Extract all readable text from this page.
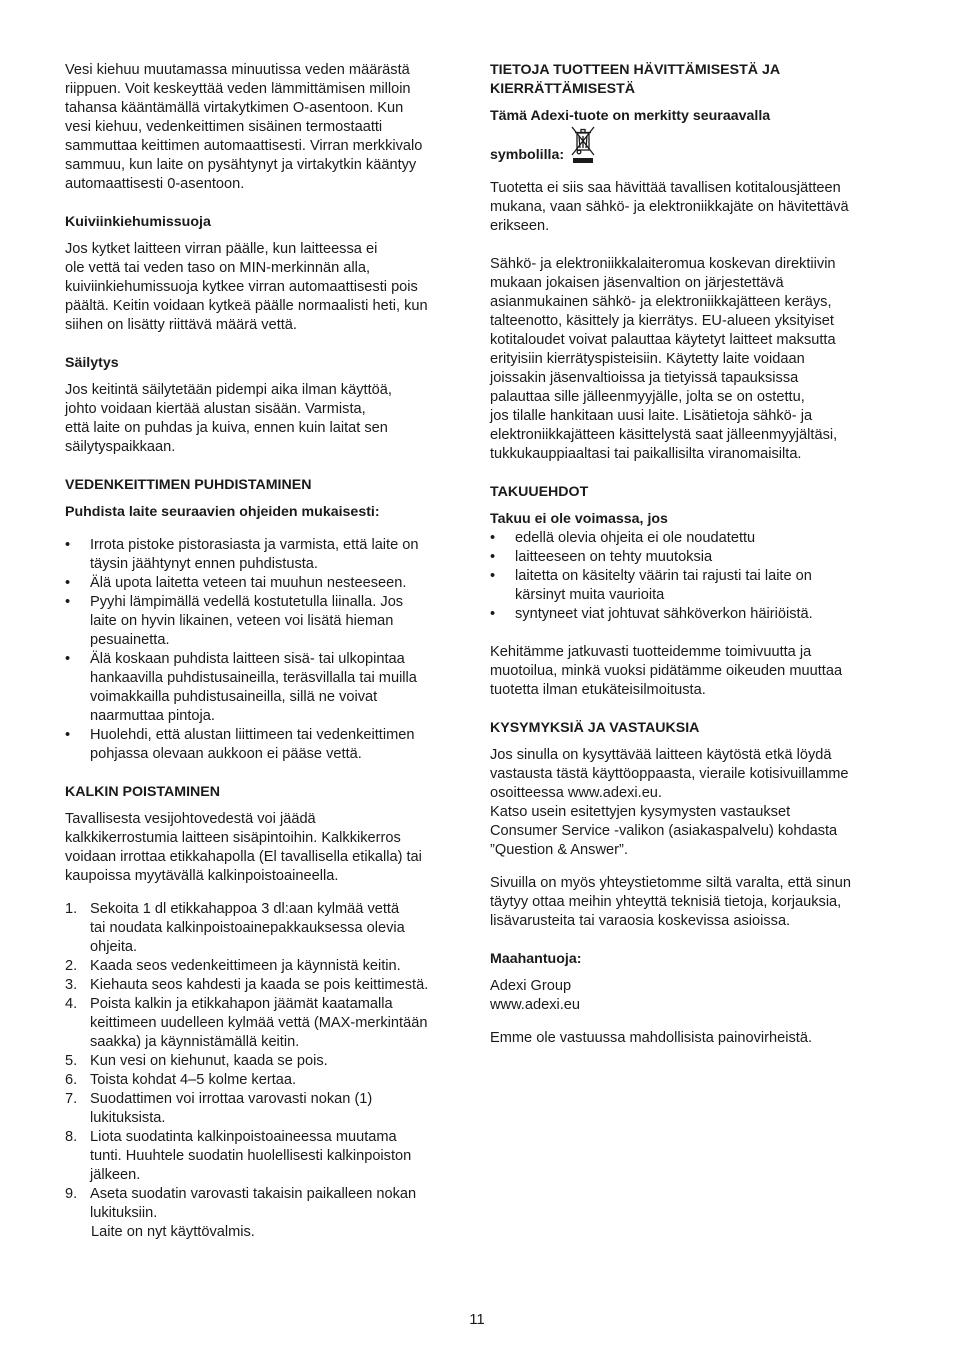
Vesi kiehuu muutamassa minuutissa veden määrästä
riippuen. Voit keskeyttää veden lämmittämisen milloin
tahansa kääntämällä virtakytkimen O-asentoon. Kun
vesi kiehuu, vedenkeittimen sisäinen termostaatti
sammuttaa keittimen automaattisesti. Virran merkkivalo
sammuu, kun laite on pysähtynyt ja virtakytkin kääntyy
automaattisesti 0-asentoon.

Kuiviinkiehumissuoja

Jos kytket laitteen virran päälle, kun laitteessa ei
ole vettä tai veden taso on MIN-merkinnän alla,
kuiviinkiehumissuoja kytkee virran automaattisesti pois
päältä. Keitin voidaan kytkeä päälle normaalisti heti, kun
siihen on lisätty riittävä määrä vettä.

Säilytys

Jos keitintä säilytetään pidempi aika ilman käyttöä,
johto voidaan kiertää alustan sisään. Varmista,
että laite on puhdas ja kuiva, ennen kuin laitat sen
säilytyspaikkaan.

VEDENKEITTIMEN PUHDISTAMINEN

Puhdista laite seuraavien ohjeiden mukaisesti:

• Irrota pistoke pistorasiasta ja varmista, että laite on
täysin jäähtynyt ennen puhdistusta.
• Älä upota laitetta veteen tai muuhun nesteeseen.
• Pyyhi lämpimällä vedellä kostutetulla liinalla. Jos
laite on hyvin likainen, veteen voi lisätä hieman
pesuainetta.
• Älä koskaan puhdista laitteen sisä- tai ulkopintaa
hankaavilla puhdistusaineilla, teräsvillalla tai muilla
voimakkailla puhdistusaineilla, sillä ne voivat
naarmuttaa pintoja.
• Huolehdi, että alustan liittimeen tai vedenkeittimen
pohjassa olevaan aukkoon ei pääse vettä.

KALKIN POISTAMINEN

Tavallisesta vesijohtovedestä voi jäädä
kalkkikerrostumia laitteen sisäpintoihin. Kalkkikerros
voidaan irrottaa etikkahapolla (El tavallisella etikalla) tai
kaupoissa myytävällä kalkinpoistoaineella.

1. Sekoita 1 dl etikkahappoa 3 dl:aan kylmää vettä
tai noudata kalkinpoistoainepakkauksessa olevia
ohjeita.
2. Kaada seos vedenkeittimeen ja käynnistä keitin.
3. Kiehauta seos kahdesti ja kaada se pois keittimestä.
4. Poista kalkin ja etikkahapon jäämät kaatamalla
keittimeen uudelleen kylmää vettä (MAX-merkintään
saakka) ja käynnistämällä keitin.
5. Kun vesi on kiehunut, kaada se pois.
6. Toista kohdat 4–5 kolme kertaa.
7. Suodattimen voi irrottaa varovasti nokan (1)
lukituksista.
8. Liota suodatinta kalkinpoistoaineessa muutama
tunti. Huuhtele suodatin huolellisesti kalkinpoiston
jälkeen.
9. Aseta suodatin varovasti takaisin paikalleen nokan
lukituksiin.

Laite on nyt käyttövalmis.

TIETOJA TUOTTEEN HÄVITTÄMISESTÄ JA
KIERRÄTTÄMISESTÄ

Tämä Adexi-tuote on merkitty seuraavalla

symbolilla:

Tuotetta ei siis saa hävittää tavallisen kotitalousjätteen
mukana, vaan sähkö- ja elektroniikkajäte on hävitettävä
erikseen.

Sähkö- ja elektroniikkalaiteromua koskevan direktiivin
mukaan jokaisen jäsenvaltion on järjestettävä
asianmukainen sähkö- ja elektroniikkajätteen keräys,
talteenotto, käsittely ja kierrätys. EU-alueen yksityiset
kotitaloudet voivat palauttaa käytetyt laitteet maksutta
erityisiin kierrätyspisteisiin. Käytetty laite voidaan
joissakin jäsenvaltioissa ja tietyissä tapauksissa
palauttaa sille jälleenmyyjälle, jolta se on ostettu,
jos tilalle hankitaan uusi laite. Lisätietoja sähkö- ja
elektroniikkajätteen käsittelystä saat jälleenmyyjältäsi,
tukkukauppiaaltasi tai paikallisilta viranomaisilta.

TAKUUEHDOT

Takuu ei ole voimassa, jos

• edellä olevia ohjeita ei ole noudatettu
• laitteeseen on tehty muutoksia
• laitetta on käsitelty väärin tai rajusti tai laite on
kärsinyt muita vaurioita
• syntyneet viat johtuvat sähköverkon häiriöistä.

Kehitämme jatkuvasti tuotteidemme toimivuutta ja
muotoilua, minkä vuoksi pidätämme oikeuden muuttaa
tuotetta ilman etukäteisilmoitusta.

KYSYMYKSIÄ JA VASTAUKSIA

Jos sinulla on kysyttävää laitteen käytöstä etkä löydä
vastausta tästä käyttöoppaasta, vieraile kotisivuillamme
osoitteessa www.adexi.eu.
Katso usein esitettyjen kysymysten vastaukset
Consumer Service -valikon (asiakaspalvelu) kohdasta
”Question & Answer”.

Sivuilla on myös yhteystietomme siltä varalta, että sinun
täytyy ottaa meihin yhteyttä teknisiä tietoja, korjauksia,
lisävarusteita tai varaosia koskevissa asioissa.

Maahantuoja:

Adexi Group

www.adexi.eu

Emme ole vastuussa mahdollisista painovirheistä.

11
